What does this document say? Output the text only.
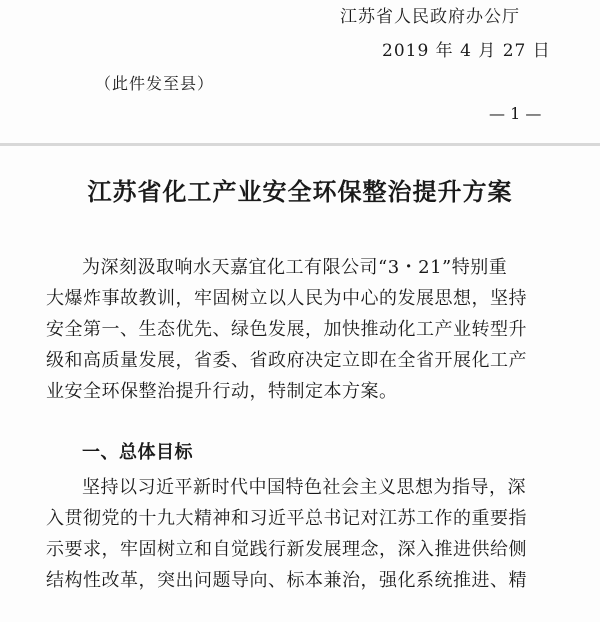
江苏省人民政府办公厅
2019 年 4 月 27 日
（此件发至县）
— 1 —
江苏省化工产业安全环保整治提升方案
为深刻汲取响水天嘉宜化工有限公司“3・21”特别重
大爆炸事故教训，牢固树立以人民为中心的发展思想，坚持
安全第一、生态优先、绿色发展，加快推动化工产业转型升
级和高质量发展，省委、省政府决定立即在全省开展化工产
业安全环保整治提升行动，特制定本方案。
一、总体目标
坚持以习近平新时代中国特色社会主义思想为指导，深
入贯彻党的十九大精神和习近平总书记对江苏工作的重要指
示要求，牢固树立和自觉践行新发展理念，深入推进供给侧
结构性改革，突出问题导向、标本兼治，强化系统推进、精
